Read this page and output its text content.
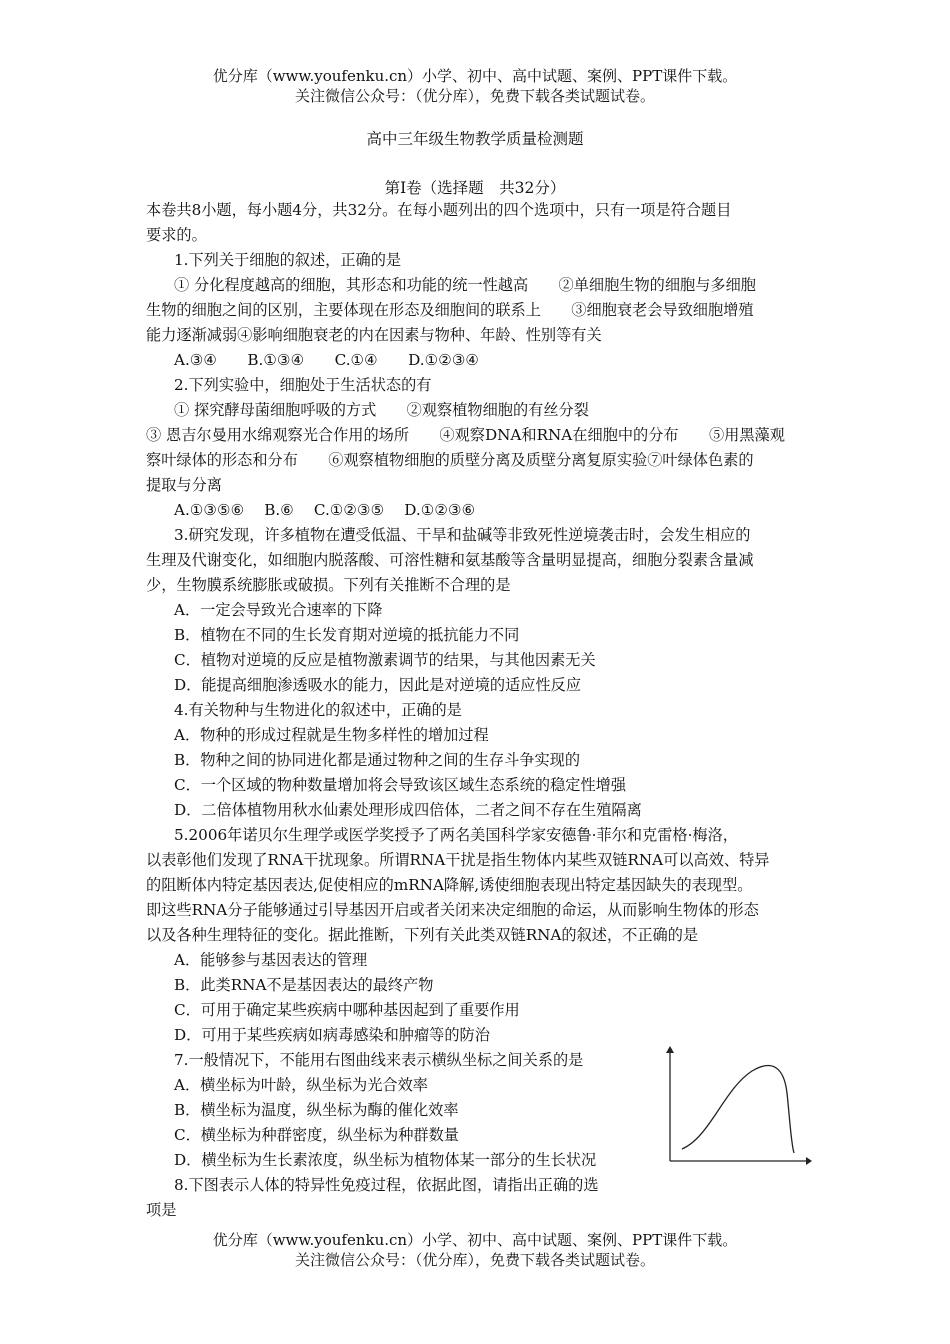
优分库（www.youfenku.cn）小学、初中、高中试题、案例、PPT课件下载。
关注微信公众号：（优分库），免费下载各类试题试卷。
高中三年级生物教学质量检测题
第Ⅰ卷（选择题　共32分）
本卷共8小题，每小题4分，共32分。在每小题列出的四个选项中，只有一项是符合题目
要求的。
1.下列关于细胞的叙述，正确的是
① 分化程度越高的细胞，其形态和功能的统一性越高　　②单细胞生物的细胞与多细胞
生物的细胞之间的区别，主要体现在形态及细胞间的联系上　　③细胞衰老会导致细胞增殖
能力逐渐减弱④影响细胞衰老的内在因素与物种、年龄、性别等有关
A.③④　　B.①③④　　C.①④　　D.①②③④
2.下列实验中，细胞处于生活状态的有
① 探究酵母菌细胞呼吸的方式　　②观察植物细胞的有丝分裂
③ 恩吉尔曼用水绵观察光合作用的场所　　④观察DNA和RNA在细胞中的分布　　⑤用黑藻观
察叶绿体的形态和分布　　⑥观察植物细胞的质壁分离及质壁分离复原实验⑦叶绿体色素的
提取与分离
A.①③⑤⑥　 B.⑥　 C.①②③⑤　 D.①②③⑥
3.研究发现，许多植物在遭受低温、干旱和盐碱等非致死性逆境袭击时，会发生相应的
生理及代谢变化，如细胞内脱落酸、可溶性糖和氨基酸等含量明显提高，细胞分裂素含量减
少，生物膜系统膨胀或破损。下列有关推断不合理的是
A．一定会导致光合速率的下降
B．植物在不同的生长发育期对逆境的抵抗能力不同
C．植物对逆境的反应是植物激素调节的结果，与其他因素无关
D．能提高细胞渗透吸水的能力，因此是对逆境的适应性反应
4.有关物种与生物进化的叙述中，正确的是
A．物种的形成过程就是生物多样性的增加过程
B．物种之间的协同进化都是通过物种之间的生存斗争实现的
C．一个区域的物种数量增加将会导致该区域生态系统的稳定性增强
D．二倍体植物用秋水仙素处理形成四倍体，二者之间不存在生殖隔离
5.2006年诺贝尔生理学或医学奖授予了两名美国科学家安德鲁·菲尔和克雷格·梅洛，
以表彰他们发现了RNA干扰现象。所谓RNA干扰是指生物体内某些双链RNA可以高效、特异
的阻断体内特定基因表达,促使相应的mRNA降解,诱使细胞表现出特定基因缺失的表现型。
即这些RNA分子能够通过引导基因开启或者关闭来决定细胞的命运，从而影响生物体的形态
以及各种生理特征的变化。据此推断，下列有关此类双链RNA的叙述，不正确的是
A．能够参与基因表达的管理
B．此类RNA不是基因表达的最终产物
C．可用于确定某些疾病中哪种基因起到了重要作用
D．可用于某些疾病如病毒感染和肿瘤等的防治
7.一般情况下，不能用右图曲线来表示横纵坐标之间关系的是
A．横坐标为叶龄，纵坐标为光合效率
B．横坐标为温度，纵坐标为酶的催化效率
C．横坐标为种群密度，纵坐标为种群数量
D．横坐标为生长素浓度，纵坐标为植物体某一部分的生长状况
8.下图表示人体的特异性免疫过程，依据此图，请指出正确的选
项是
优分库（www.youfenku.cn）小学、初中、高中试题、案例、PPT课件下载。
关注微信公众号：（优分库），免费下载各类试题试卷。
